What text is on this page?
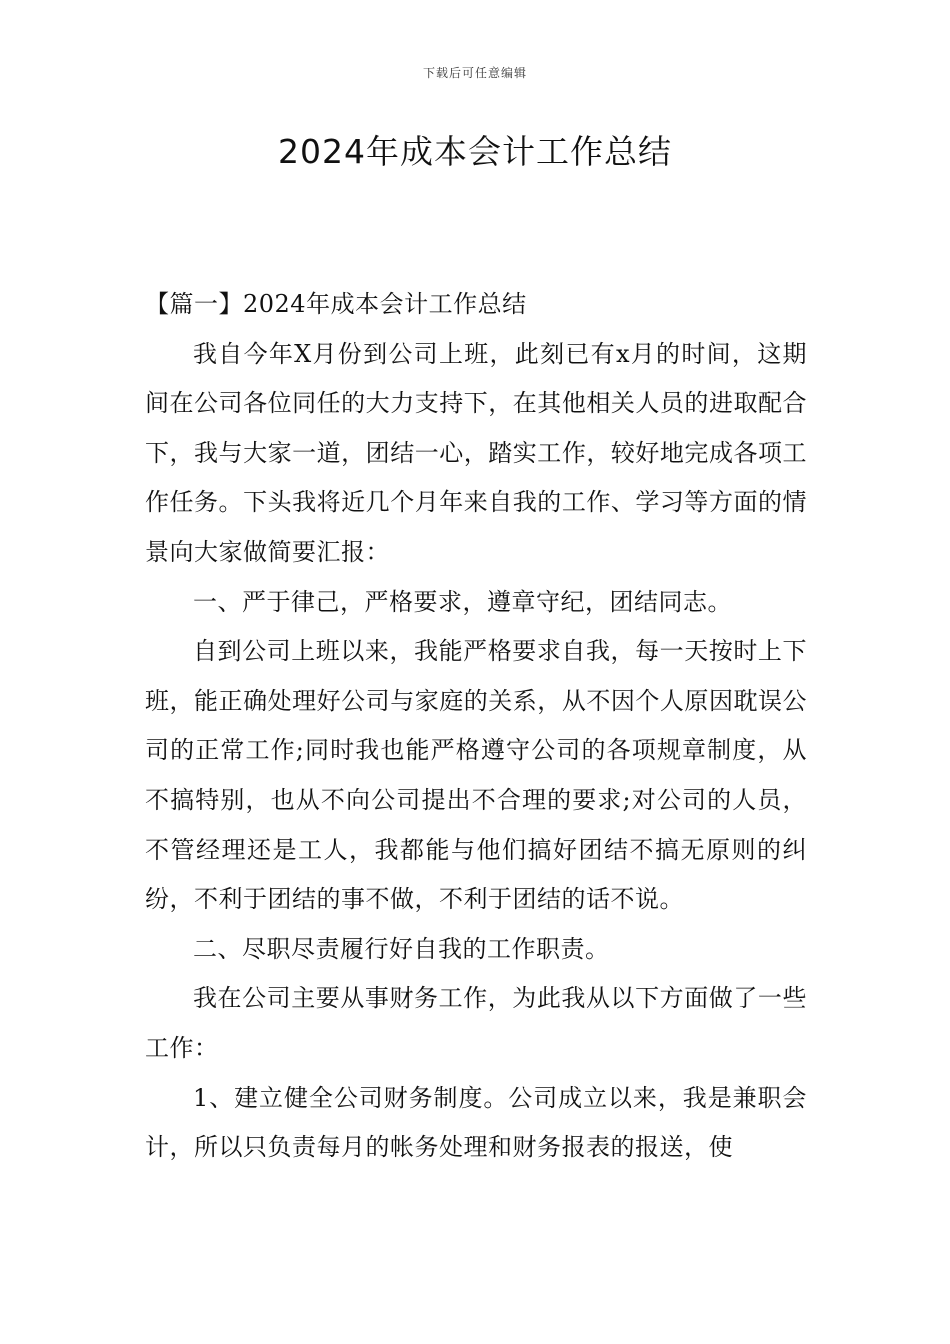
下载后可任意编辑
2024年成本会计工作总结

【篇一】2024年成本会计工作总结

我自今年X月份到公司上班，此刻已有x月的时间，这期间在公司各位同任的大力支持下，在其他相关人员的进取配合下，我与大家一道，团结一心，踏实工作，较好地完成各项工作任务。下头我将近几个月年来自我的工作、学习等方面的情景向大家做简要汇报：

一、严于律己，严格要求，遵章守纪，团结同志。

自到公司上班以来，我能严格要求自我，每一天按时上下班，能正确处理好公司与家庭的关系，从不因个人原因耽误公司的正常工作;同时我也能严格遵守公司的各项规章制度，从不搞特别，也从不向公司提出不合理的要求;对公司的人员，不管经理还是工人，我都能与他们搞好团结不搞无原则的纠纷，不利于团结的事不做，不利于团结的话不说。

二、尽职尽责履行好自我的工作职责。

我在公司主要从事财务工作，为此我从以下方面做了一些工作：

1、建立健全公司财务制度。公司成立以来，我是兼职会计，所以只负责每月的帐务处理和财务报表的报送，使
